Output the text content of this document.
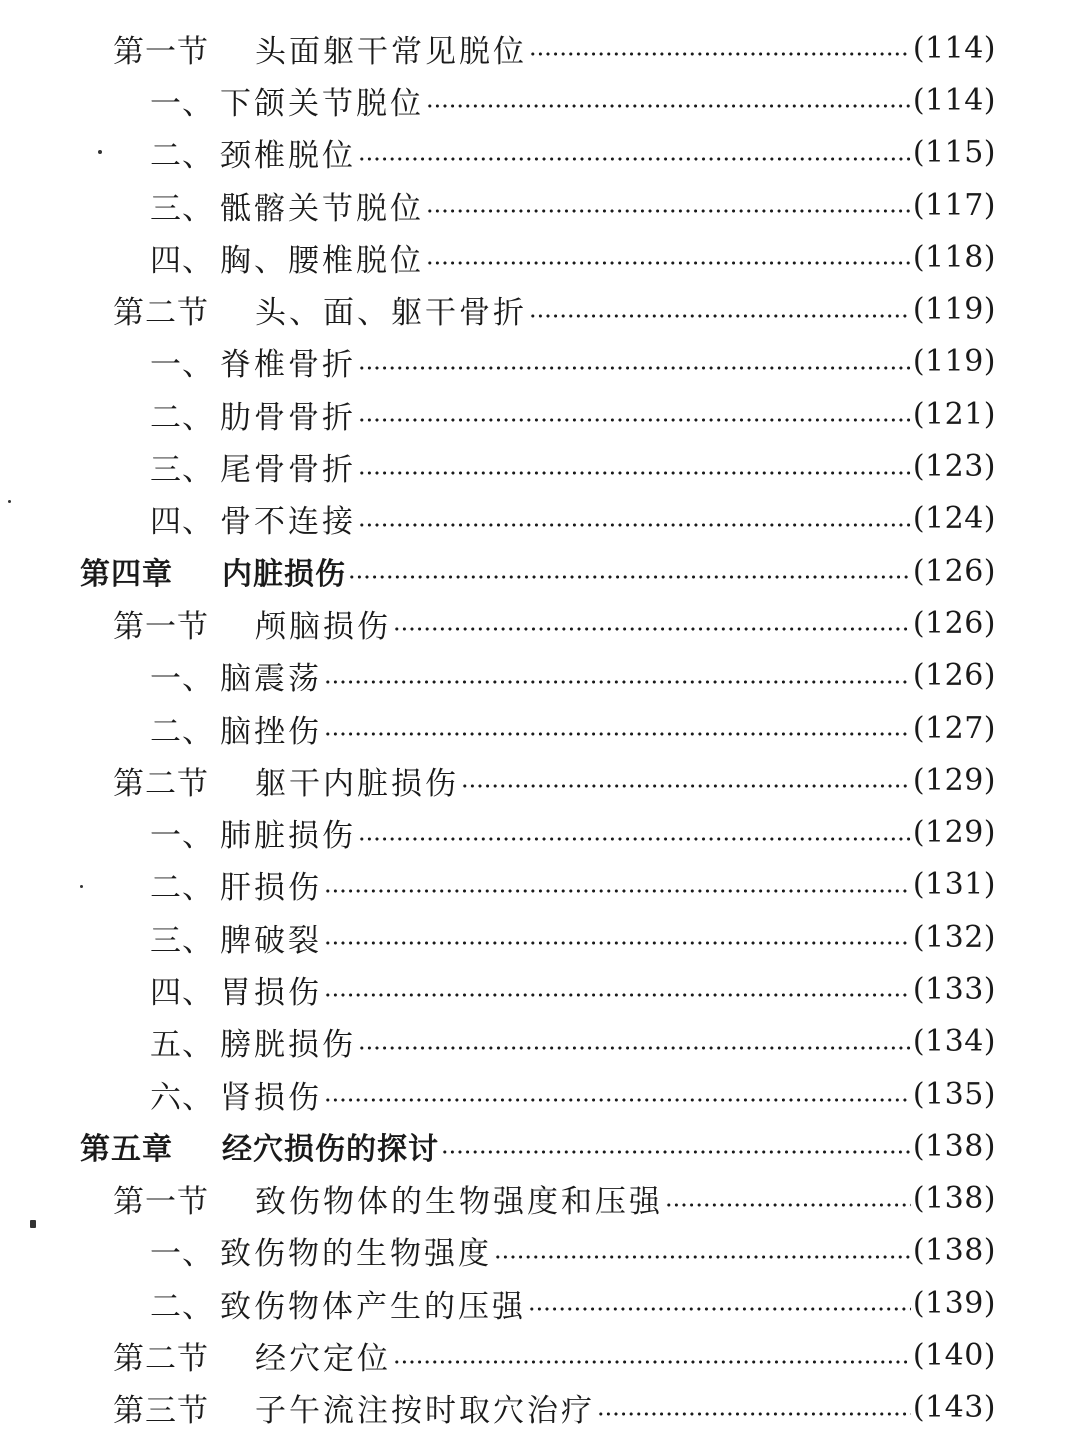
第一节	头面躯干常见脱位	(114)
一、 下颌关节脱位	(114)
二、 颈椎脱位	(115)
三、 骶髂关节脱位	(117)
四、 胸、腰椎脱位	(118)
第二节	头、面、躯干骨折	(119)
一、 脊椎骨折	(119)
二、 肋骨骨折	(121)
三、 尾骨骨折	(123)
四、 骨不连接	(124)
第四章	内脏损伤	(126)
第一节	颅脑损伤	(126)
一、 脑震荡	(126)
二、 脑挫伤	(127)
第二节	躯干内脏损伤	(129)
一、 肺脏损伤	(129)
二、 肝损伤	(131)
三、 脾破裂	(132)
四、 胃损伤	(133)
五、 膀胱损伤	(134)
六、 肾损伤	(135)
第五章	经穴损伤的探讨	(138)
第一节	致伤物体的生物强度和压强	(138)
一、 致伤物的生物强度	(138)
二、 致伤物体产生的压强	(139)
第二节	经穴定位	(140)
第三节	子午流注按时取穴治疗	(143)
